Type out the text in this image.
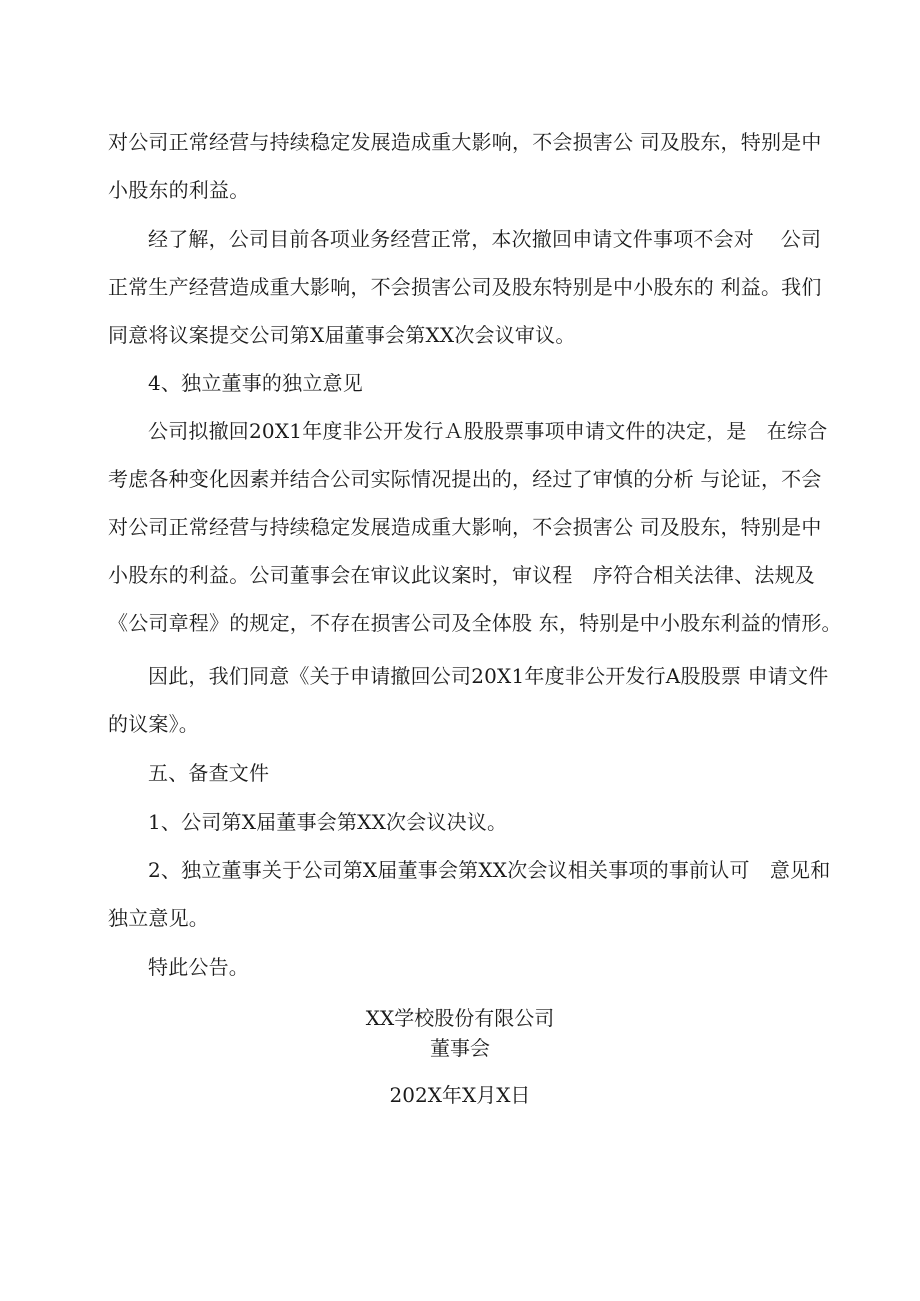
对公司正常经营与持续稳定发展造成重大影响，不会损害公 司及股东，特别是中
小股东的利益。

经了解，公司目前各项业务经营正常，本次撤回申请文件事项不会对　 公司
正常生产经营造成重大影响，不会损害公司及股东特别是中小股东的 利益。我们
同意将议案提交公司第X届董事会第XX次会议审议。

4、独立董事的独立意见

公司拟撤回20X1年度非公开发行Ａ股股票事项申请文件的决定，是　在综合
考虑各种变化因素并结合公司实际情况提出的，经过了审慎的分析 与论证，不会
对公司正常经营与持续稳定发展造成重大影响，不会损害公 司及股东，特别是中
小股东的利益。公司董事会在审议此议案时，审议程　序符合相关法律、法规及
《公司章程》的规定，不存在损害公司及全体股 东，特别是中小股东利益的情形。

因此，我们同意《关于申请撤回公司20X1年度非公开发行A股股票 申请文件
的议案》。

五、备查文件

1、公司第X届董事会第XX次会议决议。

2、独立董事关于公司第X届董事会第XX次会议相关事项的事前认可　意见和
独立意见。

特此公告。

XX学校股份有限公司

董事会

202X年X月X日
